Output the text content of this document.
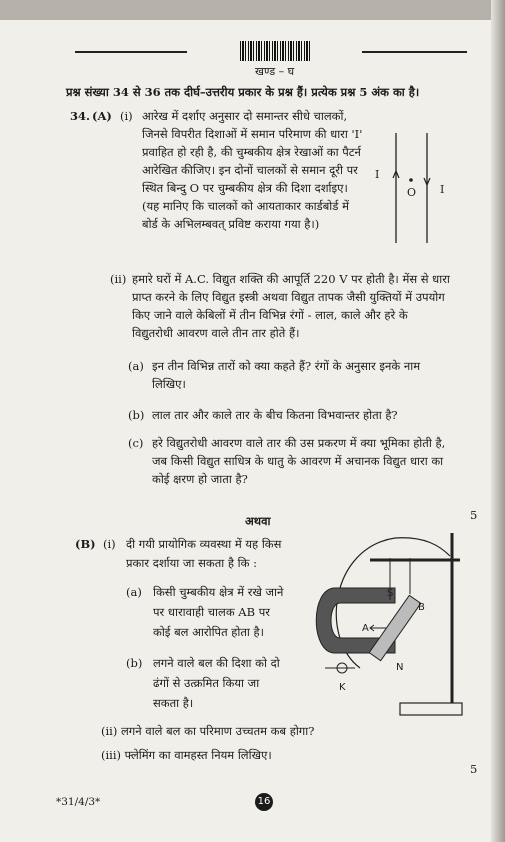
खण्ड – घ
प्रश्न संख्या 34 से 36 तक दीर्घ–उत्तरीय प्रकार के प्रश्न हैं। प्रत्येक प्रश्न 5 अंक का है।
34. (A) (i) आरेख में दर्शाए अनुसार दो समान्तर सीधे चालकों,
जिनसे विपरीत दिशाओं में समान परिमाण की धारा 'I'
प्रवाहित हो रही है, की चुम्बकीय क्षेत्र रेखाओं का पैटर्न
आरेखित कीजिए। इन दोनों चालकों से समान दूरी पर
स्थित बिन्दु O पर चुम्बकीय क्षेत्र की दिशा दर्शाइए।
(यह मानिए कि चालकों को आयताकार कार्डबोर्ड में
बोर्ड के अभिलम्बवत् प्रविष्ट कराया गया है।)
I
O I
(ii) हमारे घरों में A.C. विद्युत शक्ति की आपूर्ति 220 V पर होती है। मेंस से धारा
प्राप्त करने के लिए विद्युत इस्त्री अथवा विद्युत तापक जैसी युक्तियों में उपयोग
किए जाने वाले केबिलों में तीन विभिन्न रंगों - लाल, काले और हरे के
विद्युतरोधी आवरण वाले तीन तार होते हैं।
(a) इन तीन विभिन्न तारों को क्या कहते हैं? रंगों के अनुसार इनके नाम
लिखिए।
(b) लाल तार और काले तार के बीच कितना विभवान्तर होता है?
(c) हरे विद्युतरोधी आवरण वाले तार की उस प्रकरण में क्या भूमिका होती है,
जब किसी विद्युत साधित्र के धातु के आवरण में अचानक विद्युत धारा का
कोई क्षरण हो जाता है?
5
अथवा
(B) (i) दी गयी प्रायोगिक व्यवस्था में यह किस
प्रकार दर्शाया जा सकता है कि :
(a) किसी चुम्बकीय क्षेत्र में रखे जाने
पर धारावाही चालक AB पर
कोई बल आरोपित होता है।
(b) लगने वाले बल की दिशा को दो
ढंगों से उत्क्रमित किया जा
सकता है।
S
B
A
N
K
(ii) लगने वाले बल का परिमाण उच्चतम कब होगा?
(iii) फ्लेमिंग का वामहस्त नियम लिखिए।
5
*31/4/3*	16
